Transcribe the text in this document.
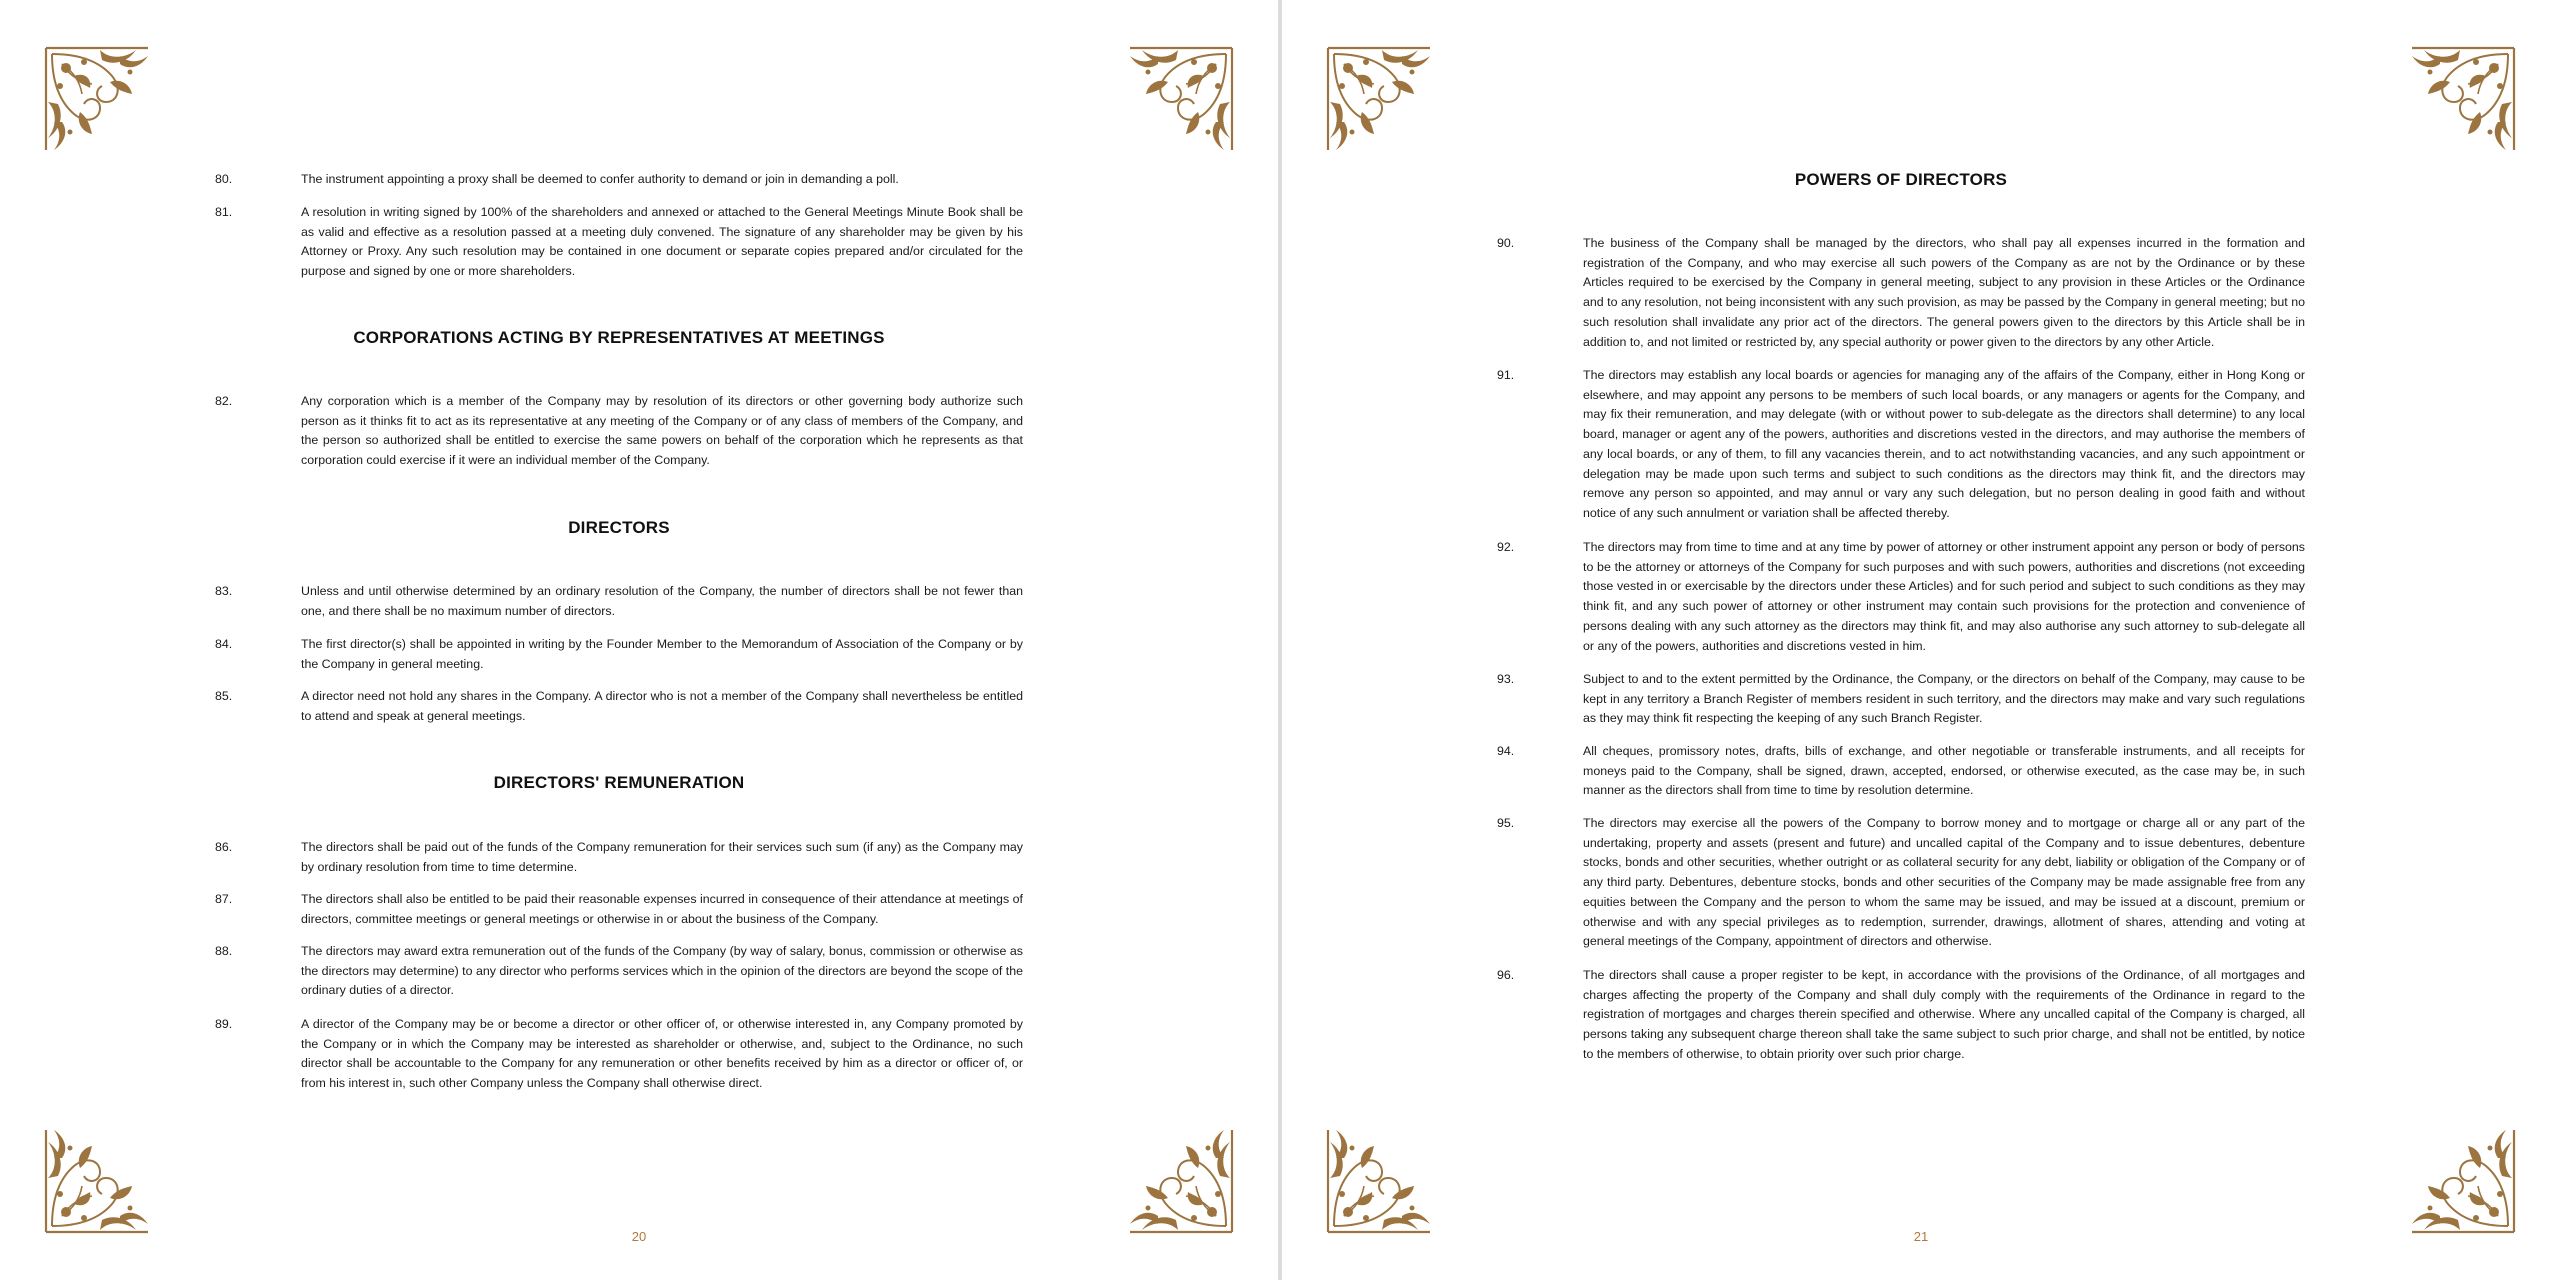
80.	The instrument appointing a proxy shall be deemed to confer authority to demand or join in demanding a poll.
81.	A resolution in writing signed by 100% of the shareholders and annexed or attached to the General Meetings Minute Book shall be as valid and effective as a resolution passed at a meeting duly convened. The signature of any shareholder may be given by his Attorney or Proxy. Any such resolution may be contained in one document or separate copies prepared and/or circulated for the purpose and signed by one or more shareholders.
CORPORATIONS ACTING BY REPRESENTATIVES AT MEETINGS
82.	Any corporation which is a member of the Company may by resolution of its directors or other governing body authorize such person as it thinks fit to act as its representative at any meeting of the Company or of any class of members of the Company, and the person so authorized shall be entitled to exercise the same powers on behalf of the corporation which he represents as that corporation could exercise if it were an individual member of the Company.
DIRECTORS
83.	Unless and until otherwise determined by an ordinary resolution of the Company, the number of directors shall be not fewer than one, and there shall be no maximum number of directors.
84.	The first director(s) shall be appointed in writing by the Founder Member to the Memorandum of Association of the Company or by the Company in general meeting.
85.	A director need not hold any shares in the Company. A director who is not a member of the Company shall nevertheless be entitled to attend and speak at general meetings.
DIRECTORS' REMUNERATION
86.	The directors shall be paid out of the funds of the Company remuneration for their services such sum (if any) as the Company may by ordinary resolution from time to time determine.
87.	The directors shall also be entitled to be paid their reasonable expenses incurred in consequence of their attendance at meetings of directors, committee meetings or general meetings or otherwise in or about the business of the Company.
88.	The directors may award extra remuneration out of the funds of the Company (by way of salary, bonus, commission or otherwise as the directors may determine) to any director who performs services which in the opinion of the directors are beyond the scope of the ordinary duties of a director.
89.	A director of the Company may be or become a director or other officer of, or otherwise interested in, any Company promoted by the Company or in which the Company may be interested as shareholder or otherwise, and, subject to the Ordinance, no such director shall be accountable to the Company for any remuneration or other benefits received by him as a director or officer of, or from his interest in, such other Company unless the Company shall otherwise direct.
20
POWERS OF DIRECTORS
90.	The business of the Company shall be managed by the directors, who shall pay all expenses incurred in the formation and registration of the Company, and who may exercise all such powers of the Company as are not by the Ordinance or by these Articles required to be exercised by the Company in general meeting, subject to any provision in these Articles or the Ordinance and to any resolution, not being inconsistent with any such provision, as may be passed by the Company in general meeting; but no such resolution shall invalidate any prior act of the directors. The general powers given to the directors by this Article shall be in addition to, and not limited or restricted by, any special authority or power given to the directors by any other Article.
91.	The directors may establish any local boards or agencies for managing any of the affairs of the Company, either in Hong Kong or elsewhere, and may appoint any persons to be members of such local boards, or any managers or agents for the Company, and may fix their remuneration, and may delegate (with or without power to sub-delegate as the directors shall determine) to any local board, manager or agent any of the powers, authorities and discretions vested in the directors, and may authorise the members of any local boards, or any of them, to fill any vacancies therein, and to act notwithstanding vacancies, and any such appointment or delegation may be made upon such terms and subject to such conditions as the directors may think fit, and the directors may remove any person so appointed, and may annul or vary any such delegation, but no person dealing in good faith and without notice of any such annulment or variation shall be affected thereby.
92.	The directors may from time to time and at any time by power of attorney or other instrument appoint any person or body of persons to be the attorney or attorneys of the Company for such purposes and with such powers, authorities and discretions (not exceeding those vested in or exercisable by the directors under these Articles) and for such period and subject to such conditions as they may think fit, and any such power of attorney or other instrument may contain such provisions for the protection and convenience of persons dealing with any such attorney as the directors may think fit, and may also authorise any such attorney to sub-delegate all or any of the powers, authorities and discretions vested in him.
93.	Subject to and to the extent permitted by the Ordinance, the Company, or the directors on behalf of the Company, may cause to be kept in any territory a Branch Register of members resident in such territory, and the directors may make and vary such regulations as they may think fit respecting the keeping of any such Branch Register.
94.	All cheques, promissory notes, drafts, bills of exchange, and other negotiable or transferable instruments, and all receipts for moneys paid to the Company, shall be signed, drawn, accepted, endorsed, or otherwise executed, as the case may be, in such manner as the directors shall from time to time by resolution determine.
95.	The directors may exercise all the powers of the Company to borrow money and to mortgage or charge all or any part of the undertaking, property and assets (present and future) and uncalled capital of the Company and to issue debentures, debenture stocks, bonds and other securities, whether outright or as collateral security for any debt, liability or obligation of the Company or of any third party. Debentures, debenture stocks, bonds and other securities of the Company may be made assignable free from any equities between the Company and the person to whom the same may be issued, and may be issued at a discount, premium or otherwise and with any special privileges as to redemption, surrender, drawings, allotment of shares, attending and voting at general meetings of the Company, appointment of directors and otherwise.
96.	The directors shall cause a proper register to be kept, in accordance with the provisions of the Ordinance, of all mortgages and charges affecting the property of the Company and shall duly comply with the requirements of the Ordinance in regard to the registration of mortgages and charges therein specified and otherwise. Where any uncalled capital of the Company is charged, all persons taking any subsequent charge thereon shall take the same subject to such prior charge, and shall not be entitled, by notice to the members of otherwise, to obtain priority over such prior charge.
21
